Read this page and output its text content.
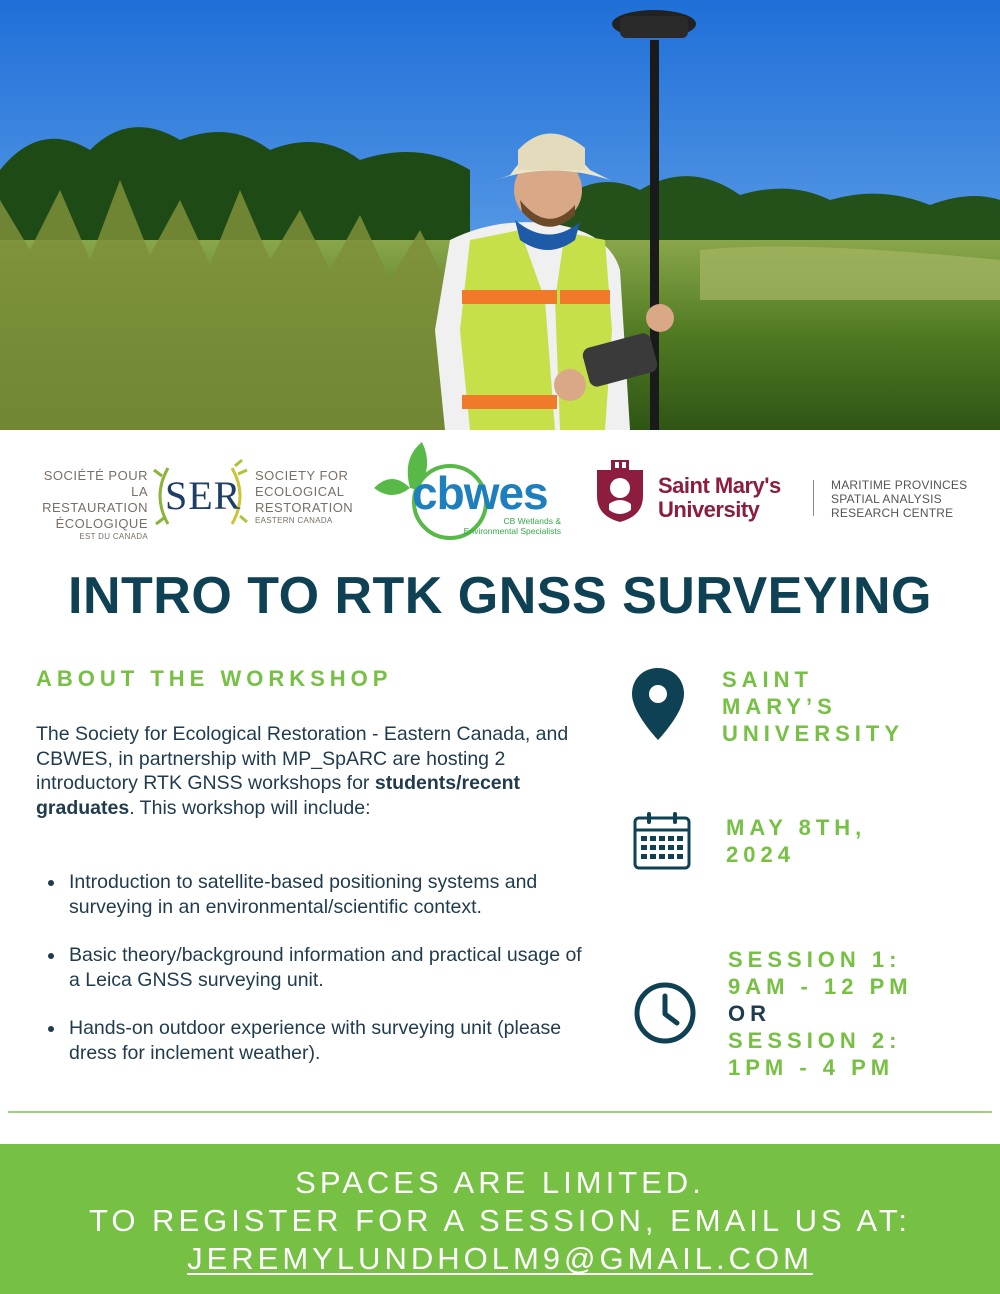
SOCIÉTÉ POUR LA
RESTAURATION
ÉCOLOGIQUE
EST DU CANADA
SER SOCIETY FOR
ECOLOGICAL
RESTORATION
EASTERN CANADA
cbwes
CB Wetlands &
Environmental Specialists
Saint Mary's
University
MARITIME PROVINCES
SPATIAL ANALYSIS
RESEARCH CENTRE
INTRO TO RTK GNSS SURVEYING
ABOUT THE WORKSHOP

The Society for Ecological Restoration - Eastern Canada, and CBWES, in partnership with MP_SpARC are hosting 2 introductory RTK GNSS workshops for students/recent graduates. This workshop will include:

Introduction to satellite-based positioning systems and surveying in an environmental/scientific context.
Basic theory/background information and practical usage of a Leica GNSS surveying unit.
Hands-on outdoor experience with surveying unit (please dress for inclement weather).
SAINT
MARY’S
UNIVERSITY
MAY 8TH,
2024
SESSION 1:
9AM - 12 PM
OR
SESSION 2:
1PM - 4 PM
SPACES ARE LIMITED.
TO REGISTER FOR A SESSION, EMAIL US AT:
JEREMYLUNDHOLM9@GMAIL.COM
